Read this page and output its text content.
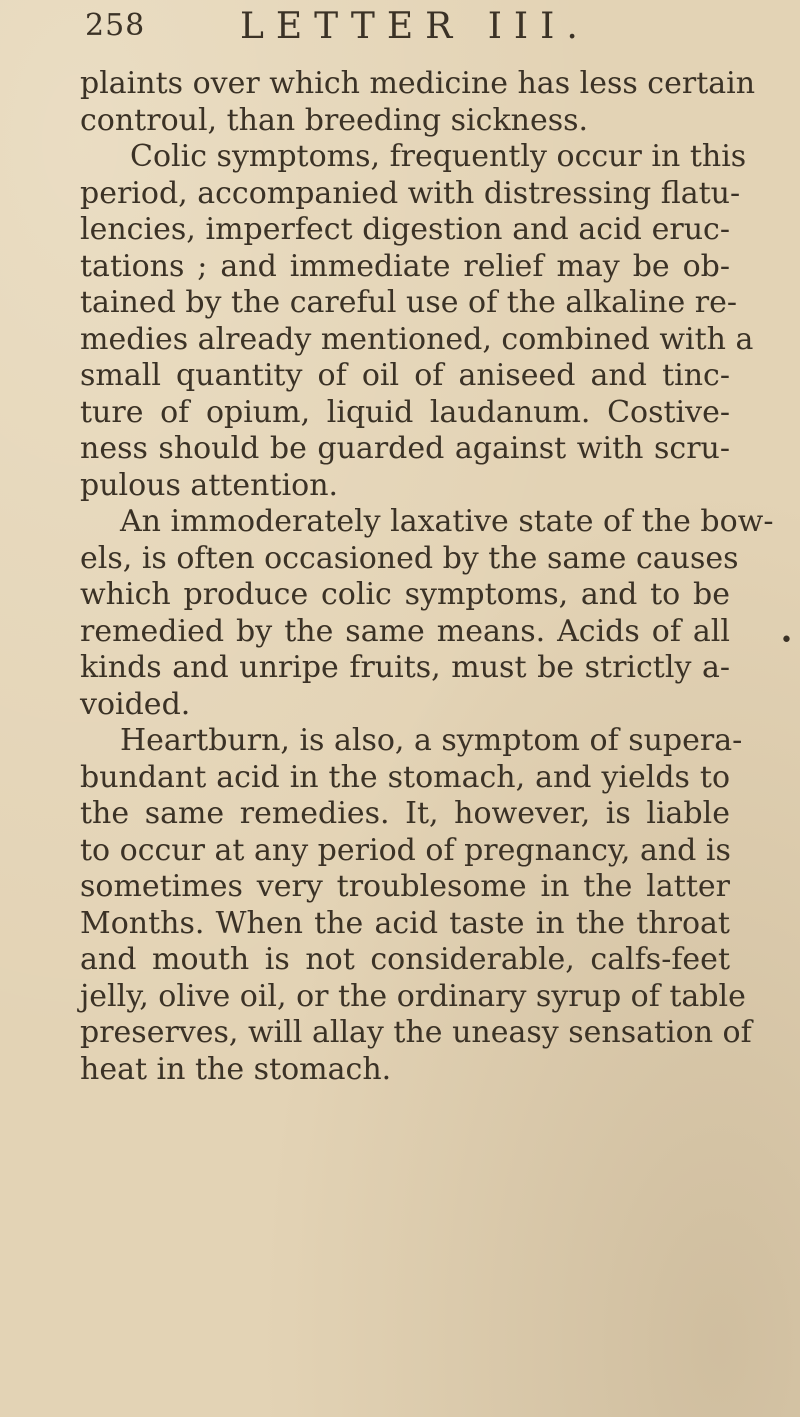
258	LETTER III.
plaints over which medicine has less certain
controul, than breeding sickness.
Colic symptoms, frequently occur in this
period, accompanied with distressing flatu-
lencies, imperfect digestion and acid eruc-
tations ; and immediate relief may be ob-
tained by the careful use of the alkaline re-
medies already mentioned, combined with a
small quantity of oil of aniseed and tinc-
ture of opium, liquid laudanum. Costive-
ness should be guarded against with scru-
pulous attention.
An immoderately laxative state of the bow-
els, is often occasioned by the same causes
which produce colic symptoms, and to be
remedied by the same means. Acids of all
kinds and unripe fruits, must be strictly a-
voided.
Heartburn, is also, a symptom of supera-
bundant acid in the stomach, and yields to
the same remedies. It, however, is liable
to occur at any period of pregnancy, and is
sometimes very troublesome in the latter
Months. When the acid taste in the throat
and mouth is not considerable, calfs-feet
jelly, olive oil, or the ordinary syrup of table
preserves, will allay the uneasy sensation of
heat in the stomach.
•
